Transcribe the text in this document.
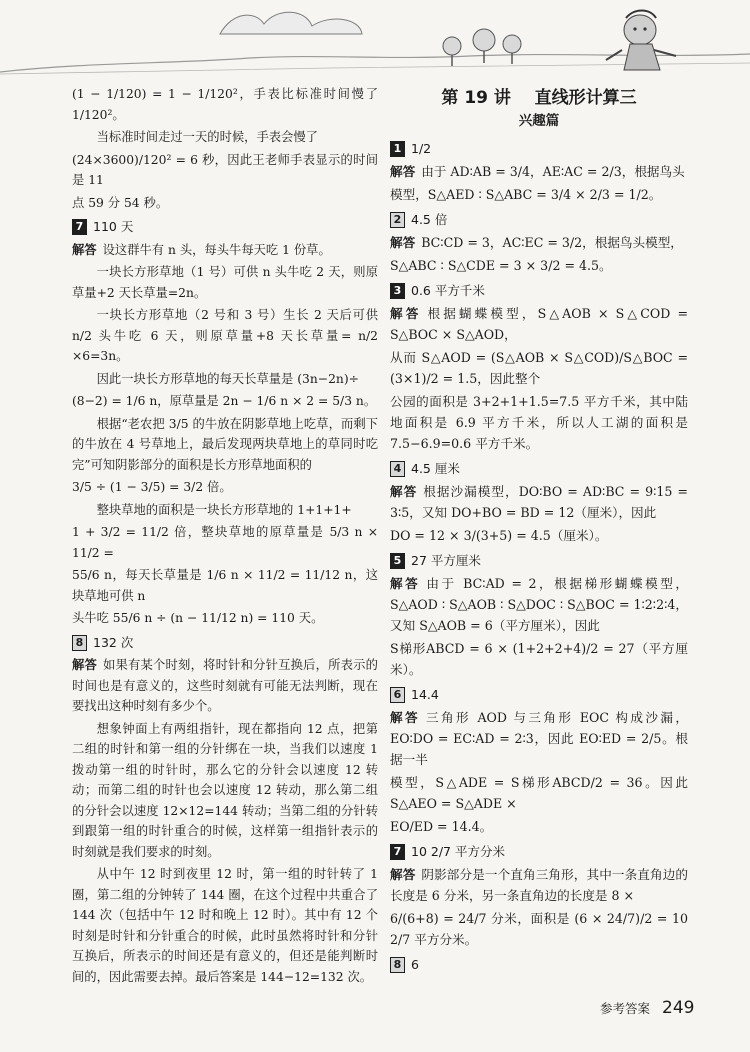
(1 − 1/120) = 1 − 1/120²，手表比标准时间慢了 1/120²。

当标准时间走过一天的时候，手表会慢了

(24×3600)/120² = 6 秒，因此王老师手表显示的时间是 11

点 59 分 54 秒。

7 110 天

解答 设这群牛有 n 头，每头牛每天吃 1 份草。

一块长方形草地（1 号）可供 n 头牛吃 2 天，则原草量+2 天长草量=2n。

一块长方形草地（2 号和 3 号）生长 2 天后可供 n/2 头牛吃 6 天，则原草量+8 天长草量= n/2 ×6=3n。

因此一块长方形草地的每天长草量是 (3n−2n)÷

(8−2) = 1/6 n，原草量是 2n − 1/6 n × 2 = 5/3 n。

根据“老农把 3/5 的牛放在阴影草地上吃草，而剩下的牛放在 4 号草地上，最后发现两块草地上的草同时吃完”可知阴影部分的面积是长方形草地面积的

3/5 ÷ (1 − 3/5) = 3/2 倍。

整块草地的面积是一块长方形草地的 1+1+1+

1 + 3/2 = 11/2 倍，整块草地的原草量是 5/3 n × 11/2 =

55/6 n，每天长草量是 1/6 n × 11/2 = 11/12 n，这块草地可供 n

头牛吃 55/6 n ÷ (n − 11/12 n) = 110 天。

8 132 次

解答 如果有某个时刻，将时针和分针互换后，所表示的时间也是有意义的，这些时刻就有可能无法判断，现在要找出这种时刻有多少个。

想象钟面上有两组指针，现在都指向 12 点，把第二组的时针和第一组的分针绑在一块，当我们以速度 1 拨动第一组的时针时，那么它的分针会以速度 12 转动；而第二组的时针也会以速度 12 转动，那么第二组的分针会以速度 12×12=144 转动；当第二组的分针转到跟第一组的时针重合的时候，这样第一组指针表示的时刻就是我们要求的时刻。

从中午 12 时到夜里 12 时，第一组的时针转了 1 圈，第二组的分钟转了 144 圈，在这个过程中共重合了 144 次（包括中午 12 时和晚上 12 时）。其中有 12 个时刻是时针和分针重合的时候，此时虽然将时针和分针互换后，所表示的时间还是有意义的，但还是能判断时间的，因此需要去掉。最后答案是 144−12=132 次。

第 19 讲 直线形计算三
兴趣篇
1 1/2

解答 由于 AD∶AB = 3/4，AE∶AC = 2/3，根据鸟头

模型，S△AED ∶ S△ABC = 3/4 × 2/3 = 1/2。

2 4.5 倍

解答 BC∶CD = 3，AC∶EC = 3/2，根据鸟头模型，

S△ABC ∶ S△CDE = 3 × 3/2 = 4.5。

3 0.6 平方千米

解答 根据蝴蝶模型，S△AOB × S△COD = S△BOC × S△AOD，

从而 S△AOD = (S△AOB × S△COD)/S△BOC = (3×1)/2 = 1.5，因此整个

公园的面积是 3+2+1+1.5=7.5 平方千米，其中陆地面积是 6.9 平方千米，所以人工湖的面积是 7.5−6.9=0.6 平方千米。

4 4.5 厘米

解答 根据沙漏模型，DO∶BO = AD∶BC = 9∶15 = 3∶5，又知 DO+BO = BD = 12（厘米），因此

DO = 12 × 3/(3+5) = 4.5（厘米）。

5 27 平方厘米

解答 由于 BC∶AD = 2，根据梯形蝴蝶模型，S△AOD ∶ S△AOB ∶ S△DOC ∶ S△BOC = 1∶2∶2∶4，又知 S△AOB = 6（平方厘米），因此

S梯形ABCD = 6 × (1+2+2+4)/2 = 27（平方厘米）。

6 14.4

解答 三角形 AOD 与三角形 EOC 构成沙漏，EO∶DO = EC∶AD = 2∶3，因此 EO∶ED = 2/5。根据一半

模型，S△ADE = S梯形ABCD/2 = 36。因此 S△AEO = S△ADE ×

EO/ED = 14.4。

7 10 2/7 平方分米

解答 阴影部分是一个直角三角形，其中一条直角边的长度是 6 分米，另一条直角边的长度是 8 ×

6/(6+8) = 24/7 分米，面积是 (6 × 24/7)/2 = 10 2/7 平方分米。

8 6
参考答案 249
